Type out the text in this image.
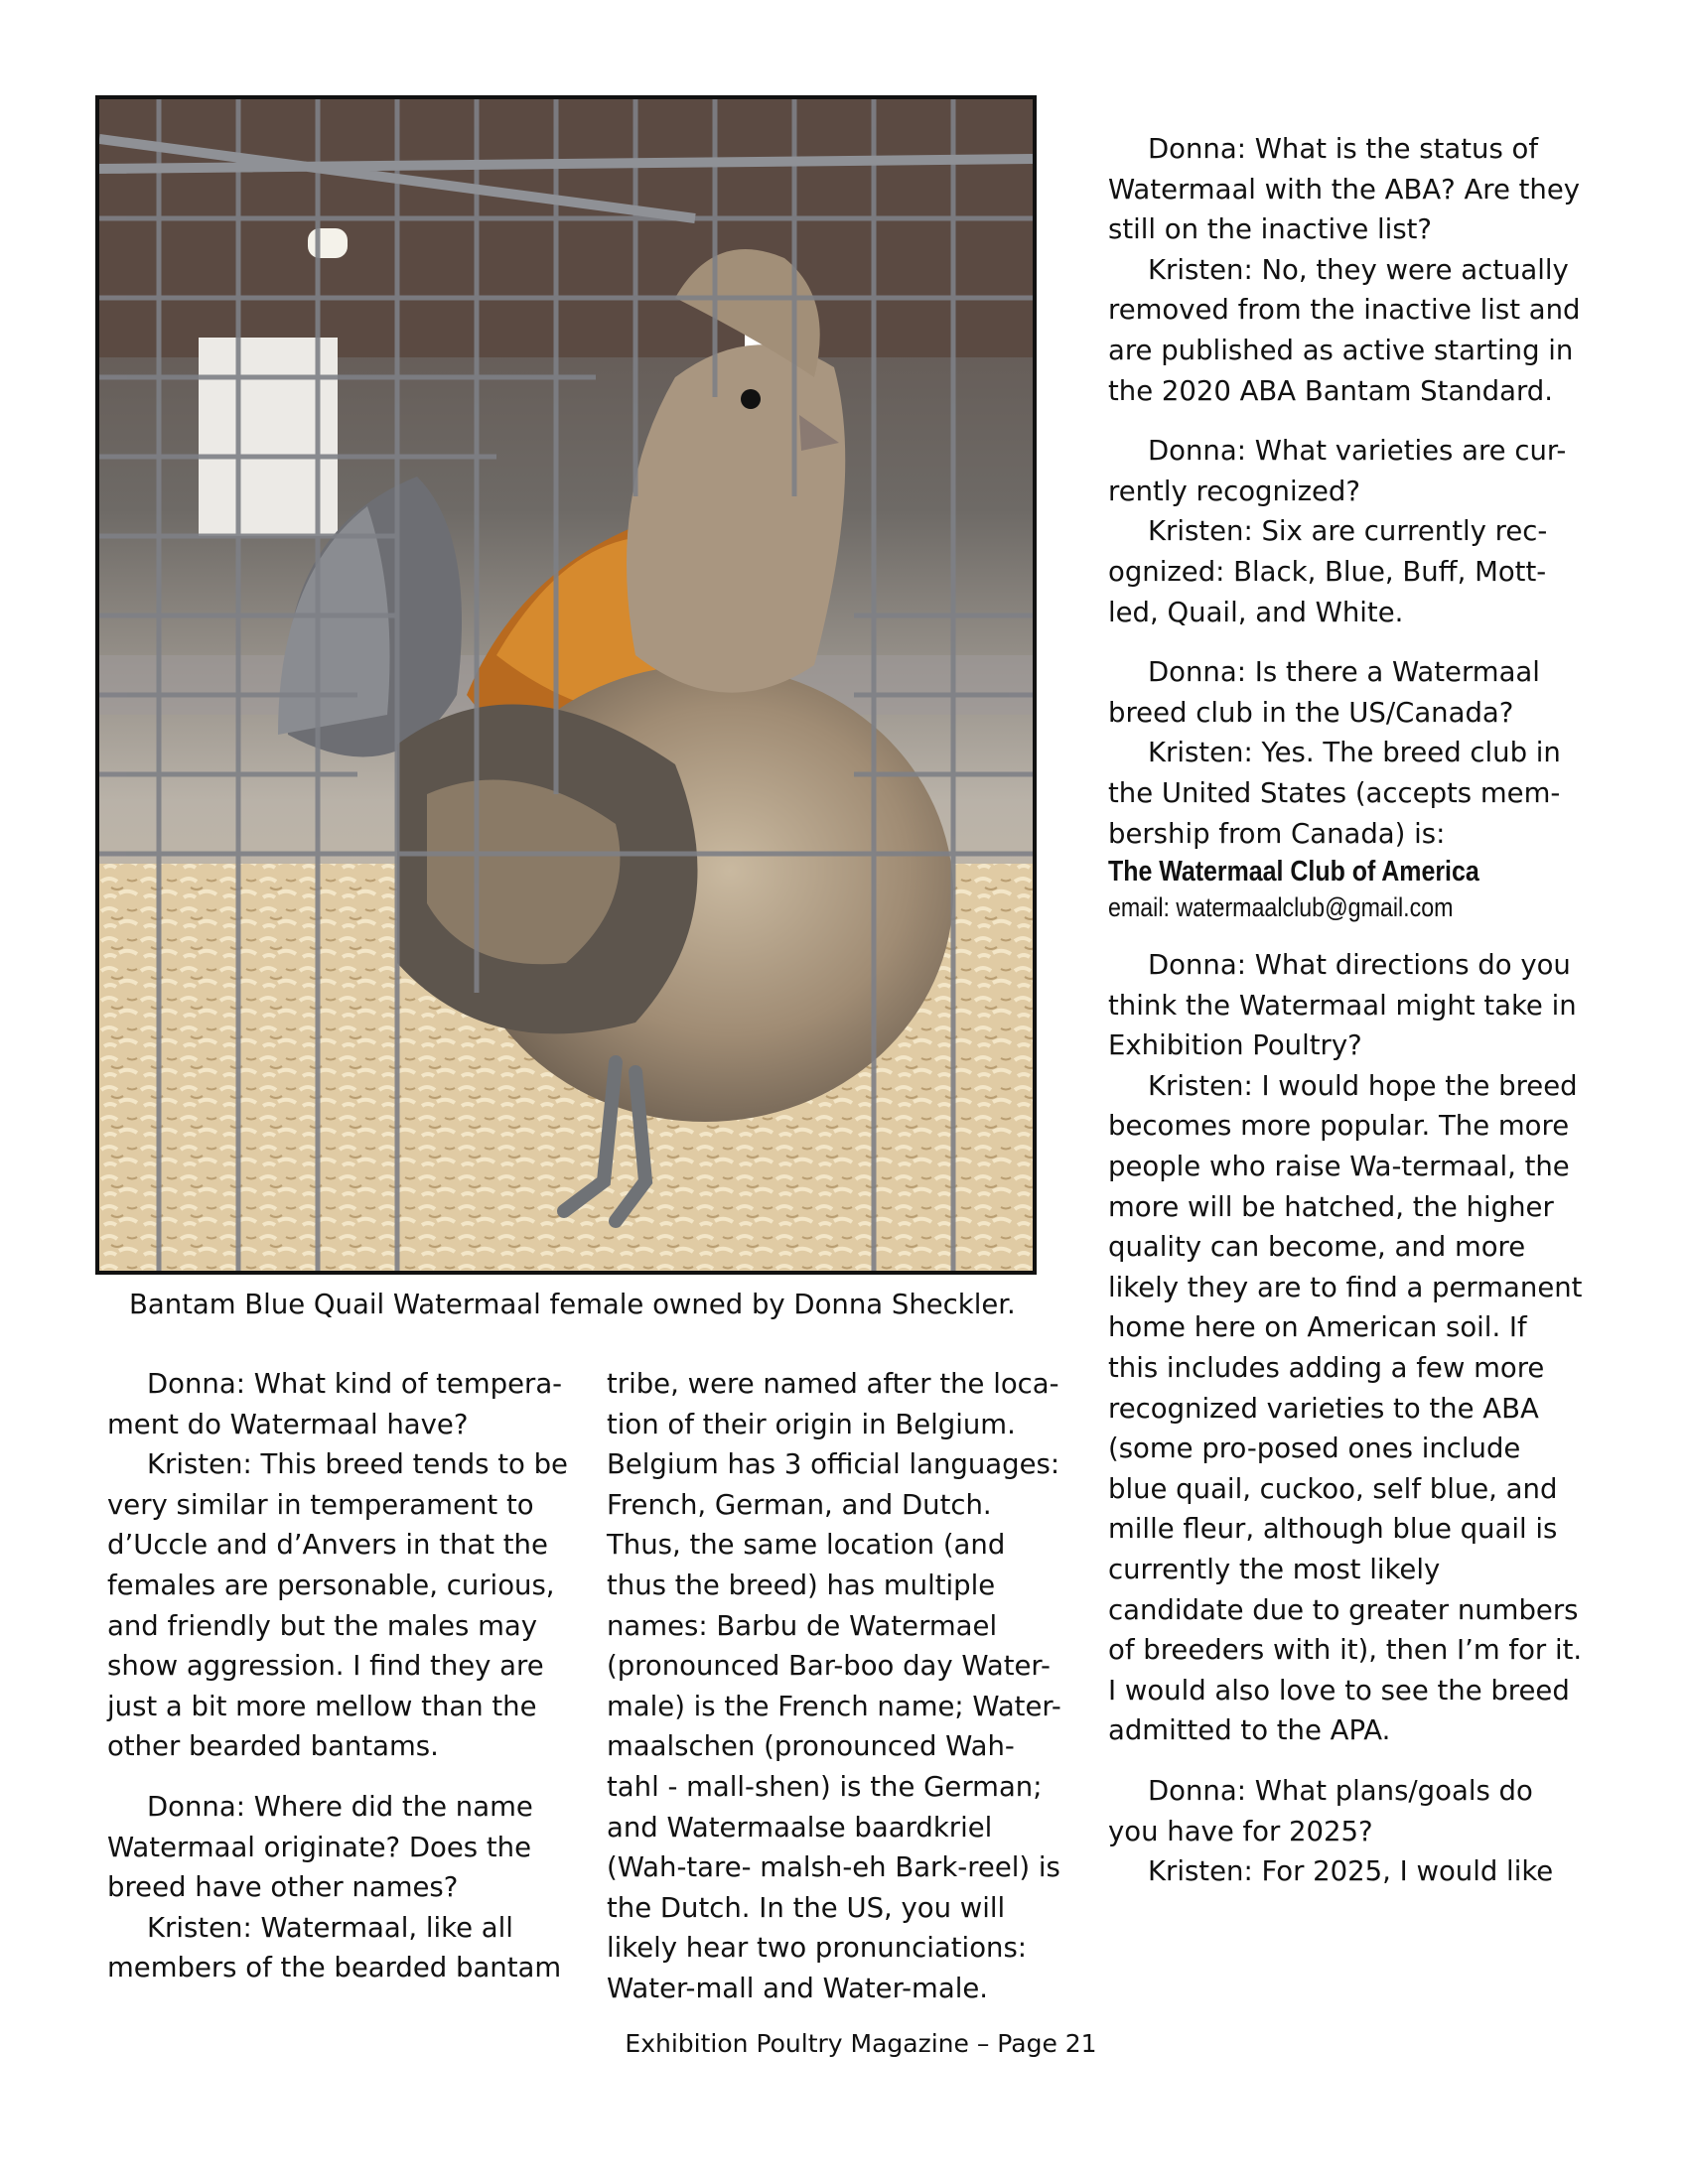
Bantam Blue Quail Watermaal female owned by Donna Sheckler.

Donna: What kind of tempera-ment do Watermaal have?

Kristen: This breed tends to be very similar in temperament to d’Uccle and d’Anvers in that the females are personable, curious, and friendly but the males may show aggression. I find they are just a bit more mellow than the other bearded bantams.

Donna: Where did the name Watermaal originate? Does the breed have other names?

Kristen: Watermaal, like all members of the bearded bantam

tribe, were named after the loca-tion of their origin in Belgium. Belgium has 3 official languages: French, German, and Dutch. Thus, the same location (and thus the breed) has multiple names: Barbu de Watermael (pronounced Bar-boo day Water-male) is the French name; Water-maalschen (pronounced Wah-tahl - mall-shen) is the German; and Watermaalse baardkriel (Wah-tare- malsh-eh Bark-reel) is the Dutch. In the US, you will likely hear two pronunciations: Water-mall and Water-male.

Donna: What is the status of Watermaal with the ABA? Are they still on the inactive list?

Kristen: No, they were actually removed from the inactive list and are published as active starting in the 2020 ABA Bantam Standard.

Donna: What varieties are cur-rently recognized?

Kristen: Six are currently rec-ognized: Black, Blue, Buff, Mott-led, Quail, and White.

Donna: Is there a Watermaal breed club in the US/Canada?

Kristen: Yes. The breed club in the United States (accepts mem-bership from Canada) is:

The Watermaal Club of America

email: watermaalclub@gmail.com

Donna: What directions do you think the Watermaal might take in Exhibition Poultry?

Kristen: I would hope the breed becomes more popular. The more people who raise Wa-termaal, the more will be hatched, the higher quality can become, and more likely they are to find a permanent home here on American soil. If this includes adding a few more recognized varieties to the ABA (some pro-posed ones include blue quail, cuckoo, self blue, and mille fleur, although blue quail is currently the most likely candidate due to greater numbers of breeders with it), then I’m for it. I would also love to see the breed admitted to the APA.

Donna: What plans/goals do you have for 2025?

Kristen: For 2025, I would like

Exhibition Poultry Magazine – Page 21
